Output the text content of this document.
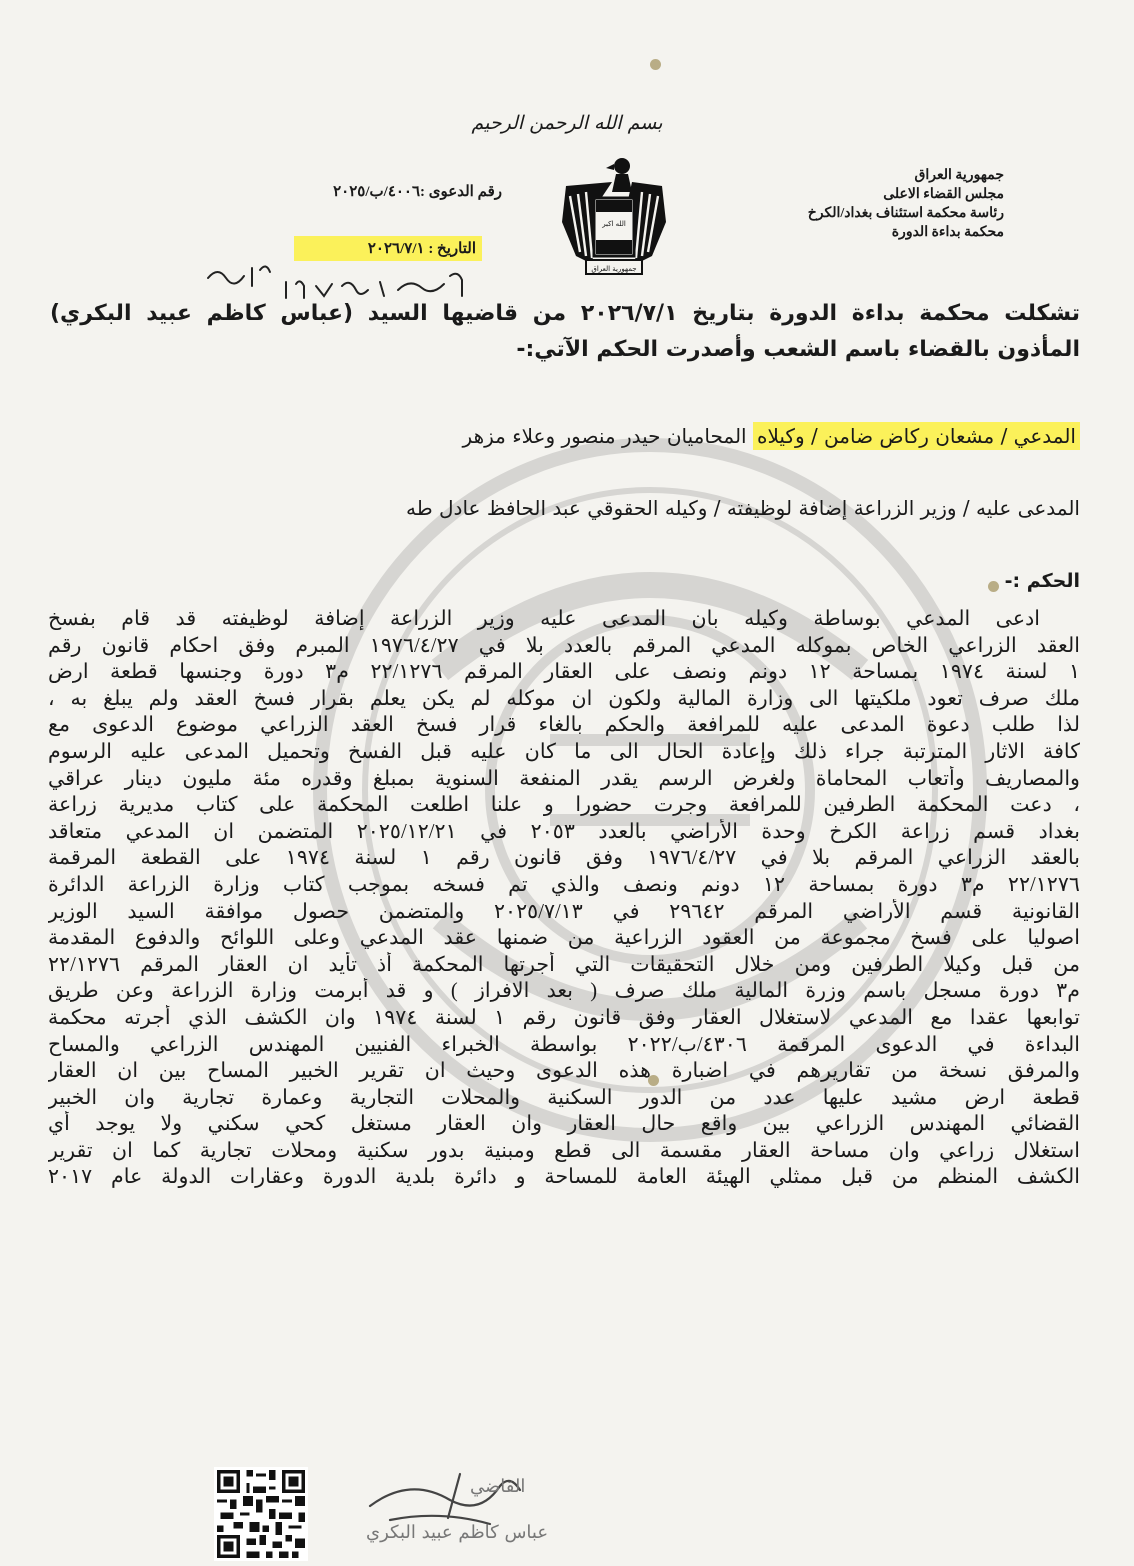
بسم الله الرحمن الرحيم
جمهورية العراق
مجلس القضاء الاعلى
رئاسة محكمة استئناف بغداد/الكرخ
محكمة بداءة الدورة
الله اكبر
جمهورية العراق
رقم الدعوى :٤٠٠٦/ب/٢٠٢٥
التاريخ : ٢٠٢٦/٧/١
تشكلت محكمة بداءة الدورة بتاريخ ٢٠٢٦/٧/١ من قاضيها السيد (عباس كاظم عبيد البكري) المأذون بالقضاء باسم الشعب وأصدرت الحكم الآتي:-
المدعي / مشعان ركاض ضامن / وكيلاه المحاميان حيدر منصور وعلاء مزهر
المدعى عليه / وزير الزراعة إضافة لوظيفته / وكيله الحقوقي عبد الحافظ عادل طه
الحكم :-
ادعى المدعي بوساطة وكيله بان المدعى عليه وزير الزراعة إضافة لوظيفته قد قام بفسخ
العقد الزراعي الخاص بموكله المدعي المرقم بالعدد بلا في ١٩٧٦/٤/٢٧ المبرم وفق احكام قانون رقم
١ لسنة ١٩٧٤ بمساحة ١٢ دونم ونصف على العقار المرقم ٢٢/١٢٧٦ م٣ دورة وجنسها قطعة ارض
ملك صرف تعود ملكيتها الى وزارة المالية ولكون ان موكله لم يكن يعلم بقرار فسخ العقد ولم يبلغ به ،
لذا طلب دعوة المدعى عليه للمرافعة والحكم بالغاء قرار فسخ العقد الزراعي موضوع الدعوى مع
كافة الاثار المترتبة جراء ذلك وإعادة الحال الى ما كان عليه قبل الفسخ وتحميل المدعى عليه الرسوم
والمصاريف وأتعاب المحاماة ولغرض الرسم يقدر المنفعة السنوية بمبلغ وقدره مئة مليون دينار عراقي
، دعت المحكمة الطرفين للمرافعة وجرت حضورا و علنا اطلعت المحكمة على كتاب مديرية زراعة
بغداد قسم زراعة الكرخ وحدة الأراضي بالعدد ٢٠٥٣ في ٢٠٢٥/١٢/٢١ المتضمن ان المدعي متعاقد
بالعقد الزراعي المرقم بلا في ١٩٧٦/٤/٢٧ وفق قانون رقم ١ لسنة ١٩٧٤ على القطعة المرقمة
٢٢/١٢٧٦ م٣ دورة بمساحة ١٢ دونم ونصف والذي تم فسخه بموجب كتاب وزارة الزراعة الدائرة
القانونية قسم الأراضي المرقم ٢٩٦٤٢ في ٢٠٢٥/٧/١٣ والمتضمن حصول موافقة السيد الوزير
اصوليا على فسخ مجموعة من العقود الزراعية من ضمنها عقد المدعي وعلى اللوائح والدفوع المقدمة
من قبل وكيلا الطرفين ومن خلال التحقيقات التي أجرتها المحكمة أذ تأيد ان العقار المرقم ٢٢/١٢٧٦
م٣ دورة مسجل باسم وزرة المالية ملك صرف ( بعد الافراز ) و قد أبرمت وزارة الزراعة وعن طريق
توابعها عقدا مع المدعي لاستغلال العقار وفق قانون رقم ١ لسنة ١٩٧٤ وان الكشف الذي أجرته محكمة
البداءة في الدعوى المرقمة ٤٣٠٦/ب/٢٠٢٢ بواسطة الخبراء الفنيين المهندس الزراعي والمساح
والمرفق نسخة من تقاريرهم في اضبارة هذه الدعوى وحيث ان تقرير الخبير المساح بين ان العقار
قطعة ارض مشيد عليها عدد من الدور السكنية والمحلات التجارية وعمارة تجارية وان الخبير
القضائي المهندس الزراعي بين واقع حال العقار وان العقار مستغل كحي سكني ولا يوجد أي
استغلال زراعي وان مساحة العقار مقسمة الى قطع ومبنية بدور سكنية ومحلات تجارية كما ان تقرير
الكشف المنظم من قبل ممثلي الهيئة العامة للمساحة و دائرة بلدية الدورة وعقارات الدولة عام ٢٠١٧
القاضي
عباس كاظم عبيد البكري
